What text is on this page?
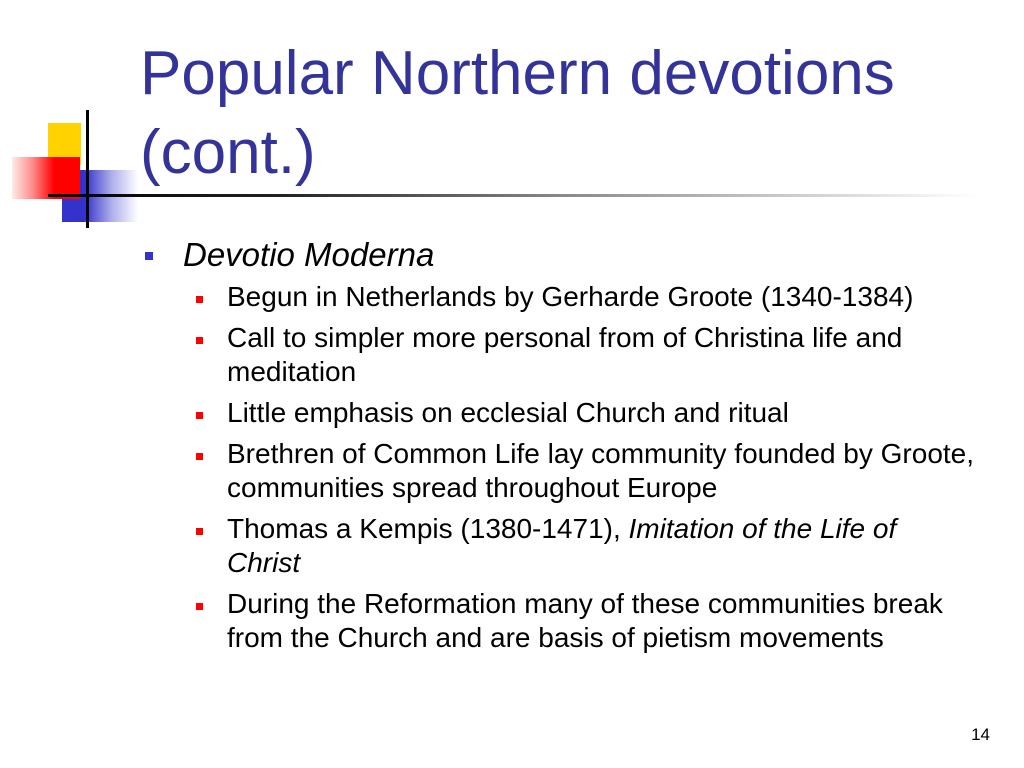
Popular Northern devotions (cont.)
Devotio Moderna
Begun in Netherlands by Gerharde Groote (1340-1384)
Call to simpler more personal from of Christina life and
meditation
Little emphasis on ecclesial Church and ritual
Brethren of Common Life lay community founded by Groote,
communities spread throughout Europe
Thomas a Kempis (1380-1471), Imitation of the Life of
Christ
During the Reformation many of these communities break
from the Church and are basis of pietism movements
14
